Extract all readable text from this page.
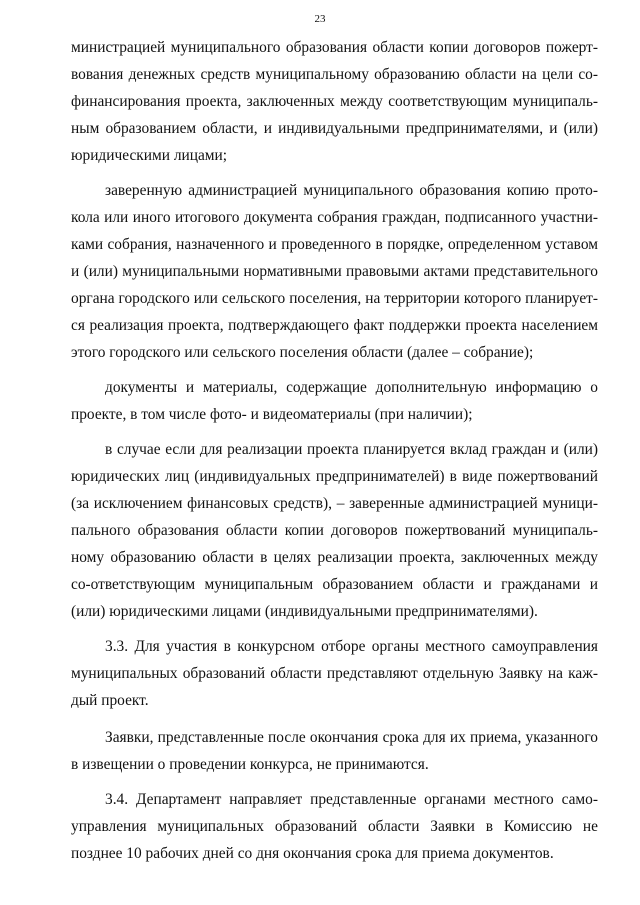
23

министрацией муниципального образования области копии договоров пожерт-вования денежных средств муниципальному образованию области на цели со-финансирования проекта, заключенных между соответствующим муниципаль-ным образованием области, и индивидуальными предпринимателями, и (или) юридическими лицами;

заверенную администрацией муниципального образования копию прото-кола или иного итогового документа собрания граждан, подписанного участни-ками собрания, назначенного и проведенного в порядке, определенном уставом и (или) муниципальными нормативными правовыми актами представительного органа городского или сельского поселения, на территории которого планирует-ся реализация проекта, подтверждающего факт поддержки проекта населением этого городского или сельского поселения области (далее – собрание);

документы и материалы, содержащие дополнительную информацию о проекте, в том числе фото- и видеоматериалы (при наличии);

в случае если для реализации проекта планируется вклад граждан и (или) юридических лиц (индивидуальных предпринимателей) в виде пожертвований (за исключением финансовых средств), – заверенные администрацией муници-пального образования области копии договоров пожертвований муниципаль-ному образованию области в целях реализации проекта, заключенных между со-ответствующим муниципальным образованием области и гражданами и (или) юридическими лицами (индивидуальными предпринимателями).

3.3. Для участия в конкурсном отборе органы местного самоуправления муниципальных образований области представляют отдельную Заявку на каж-дый проект.

Заявки, представленные после окончания срока для их приема, указанного в извещении о проведении конкурса, не принимаются.

3.4. Департамент направляет представленные органами местного само-управления муниципальных образований области Заявки в Комиссию не позднее 10 рабочих дней со дня окончания срока для приема документов.
